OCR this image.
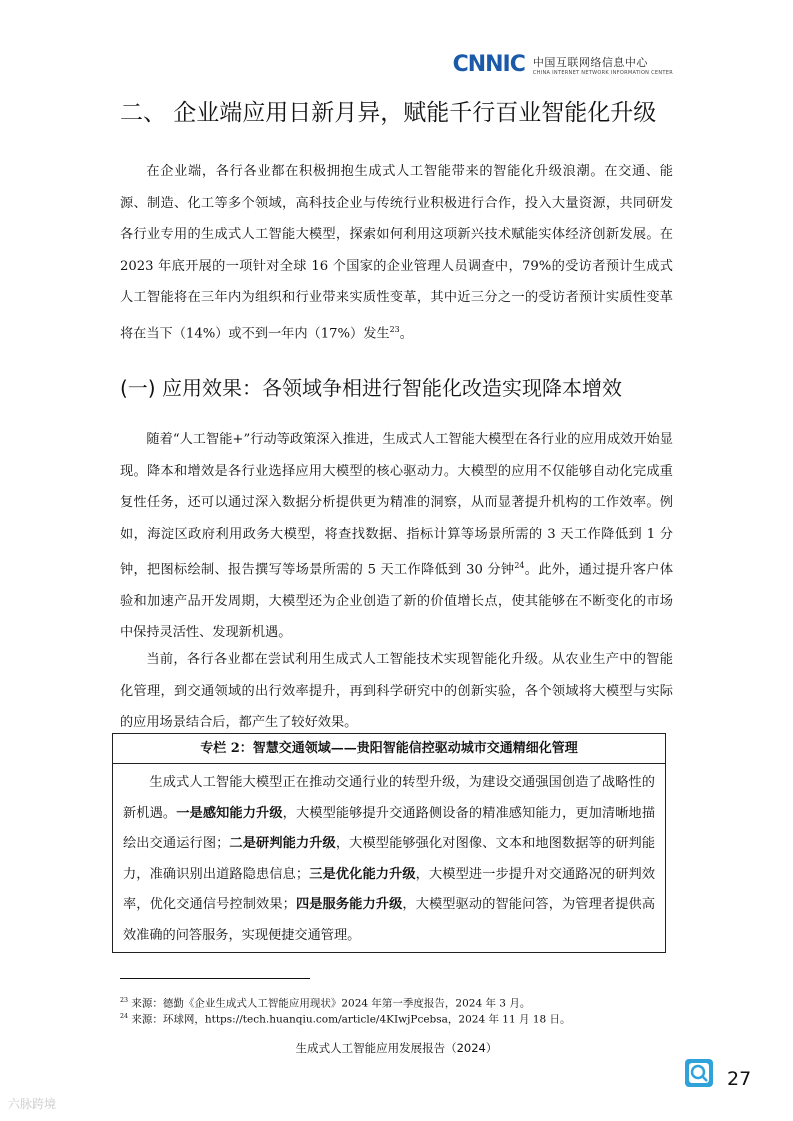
CNNIC 中国互联网络信息中心
CHINA INTERNET NETWORK INFORMATION CENTER
二、 企业端应用日新月异，赋能千行百业智能化升级

在企业端，各行各业都在积极拥抱生成式人工智能带来的智能化升级浪潮。在交通、能源、制造、化工等多个领域，高科技企业与传统行业积极进行合作，投入大量资源，共同研发各行业专用的生成式人工智能大模型，探索如何利用这项新兴技术赋能实体经济创新发展。在 2023 年底开展的一项针对全球 16 个国家的企业管理人员调查中，79%的受访者预计生成式人工智能将在三年内为组织和行业带来实质性变革，其中近三分之一的受访者预计实质性变革将在当下（14%）或不到一年内（17%）发生$^{23}$。

(一) 应用效果：各领域争相进行智能化改造实现降本增效

随着“人工智能+”行动等政策深入推进，生成式人工智能大模型在各行业的应用成效开始显现。降本和增效是各行业选择应用大模型的核心驱动力。大模型的应用不仅能够自动化完成重复性任务，还可以通过深入数据分析提供更为精准的洞察，从而显著提升机构的工作效率。例如，海淀区政府利用政务大模型，将查找数据、指标计算等场景所需的 3 天工作降低到 1 分钟，把图标绘制、报告撰写等场景所需的 5 天工作降低到 30 分钟$^{24}$。此外，通过提升客户体验和加速产品开发周期，大模型还为企业创造了新的价值增长点，使其能够在不断变化的市场中保持灵活性、发现新机遇。

当前，各行各业都在尝试利用生成式人工智能技术实现智能化升级。从农业生产中的智能化管理，到交通领域的出行效率提升，再到科学研究中的创新实验，各个领域将大模型与实际的应用场景结合后，都产生了较好效果。

专栏 2：智慧交通领域——贵阳智能信控驱动城市交通精细化管理

生成式人工智能大模型正在推动交通行业的转型升级，为建设交通强国创造了战略性的新机遇。一是感知能力升级，大模型能够提升交通路侧设备的精准感知能力，更加清晰地描绘出交通运行图；二是研判能力升级，大模型能够强化对图像、文本和地图数据等的研判能力，准确识别出道路隐患信息；三是优化能力升级，大模型进一步提升对交通路况的研判效率，优化交通信号控制效果；四是服务能力升级，大模型驱动的智能问答，为管理者提供高效准确的问答服务，实现便捷交通管理。

$^{23}$ 来源：德勤《企业生成式人工智能应用现状》2024 年第一季度报告，2024 年 3 月。
$^{24}$ 来源：环球网，https://tech.huanqiu.com/article/4KIwjPcebsa，2024 年 11 月 18 日。
生成式人工智能应用发展报告（2024）
27
六脉跨境
